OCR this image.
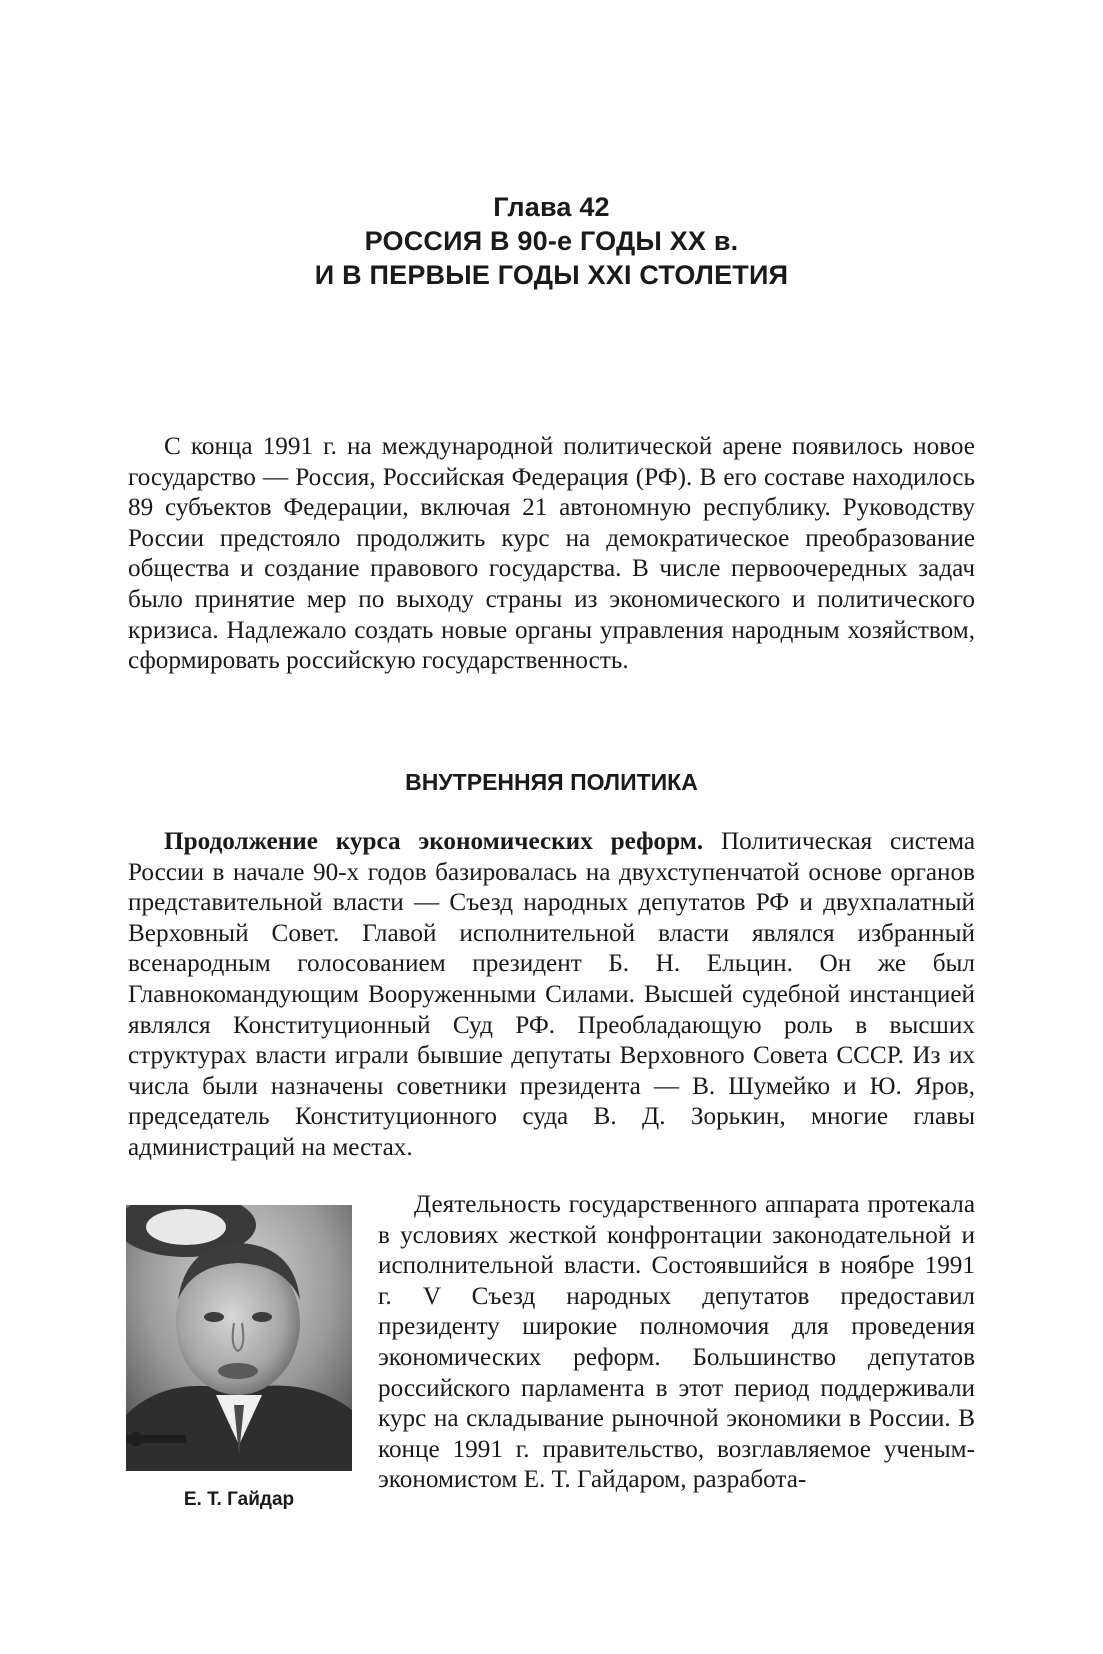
Глава 42
РОССИЯ В 90-е ГОДЫ XX в.
И В ПЕРВЫЕ ГОДЫ XXI СТОЛЕТИЯ

С конца 1991 г. на международной политической арене появилось новое государство — Россия, Российская Федерация (РФ). В его составе находилось 89 субъектов Федерации, включая 21 автономную республику. Руководству России предстояло продолжить курс на демократическое преобразование общества и создание правового государства. В числе первоочередных задач было принятие мер по выходу страны из экономического и политического кризиса. Надлежало создать новые органы управления народным хозяйством, сформировать российскую государственность.

ВНУТРЕННЯЯ ПОЛИТИКА

Продолжение курса экономических реформ. Политическая система России в начале 90-х годов базировалась на двухступенчатой основе органов представительной власти — Съезд народных депутатов РФ и двухпалатный Верховный Совет. Главой исполнительной власти являлся избранный всенародным голосованием президент Б. Н. Ельцин. Он же был Главнокомандующим Вооруженными Силами. Высшей судебной инстанцией являлся Конституционный Суд РФ. Преобладающую роль в высших структурах власти играли бывшие депутаты Верховного Совета СССР. Из их числа были назначены советники президента — В. Шумейко и Ю. Яров, председатель Конституционного суда В. Д. Зорькин, многие главы администраций на местах.

Е. Т. Гайдар

Деятельность государственного аппарата протекала в условиях жесткой конфронтации законодательной и исполнительной власти. Состоявшийся в ноябре 1991 г. V Съезд народных депутатов предоставил президенту широкие полномочия для проведения экономических реформ. Большинство депутатов российского парламента в этот период поддерживали курс на складывание рыночной экономики в России. В конце 1991 г. правительство, возглавляемое ученым-экономистом Е. Т. Гайдаром, разработа-
